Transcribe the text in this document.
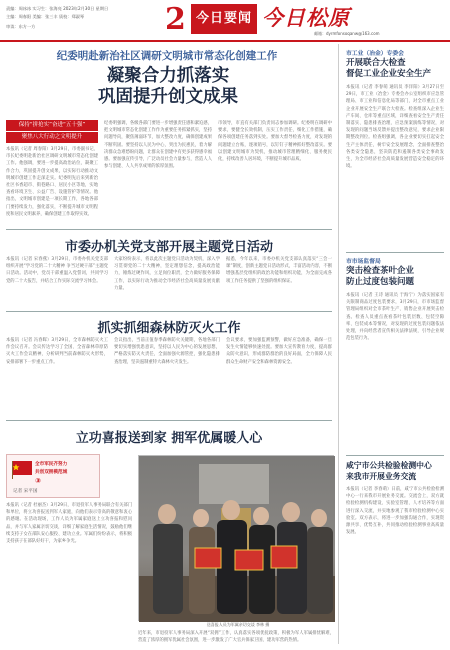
责编：周冰冰 实习生：张海亮 2023年2月30日 星期日
主编：周春阳 美编：张三丰 质校：郑淑琴
审读：东方一方	2 今日要闻 今日松原
邮箱：dyrmfonsoqanw@163.com
纪委明赴新治社区调研文明城市常态化创建工作
凝聚合力抓落实
巩固提升创文成果
保持“拼抢实”奋进“五十强”
聚焦八大行动之文明提升
本报讯（记者 周春阳）3月29日，市委副书记、市长纪委明赴新治社区调研文明城市常态化创建工作。他强调，要进一步提高政治站位，凝聚工作合力，巩固提升创文成果，以实际行动推动文明城市创建工作走深走实。纪委明先后来到新治社区书香超市、街巷路口、居民小区等地，实地查看环境卫生、公益广告、设施管护等情况。他指出，文明城市创建是一项长期工作，各地各部门要持续发力，强化落实，不断提升城市文明程度和居民文明素养，确保创建工作取得实效。
纪委明强调，各级各部门要进一步增强责任感和紧迫感，把文明城市常态化创建工作作为重要任务抓紧抓实，坚持问题导向，聚焦薄弱环节，加大整改力度，确保创建成果不断巩固。要坚持以人民为中心，突出为民惠民，着力解决群众急难愁盼问题，让群众在创建中有更多获得感幸福感。要加强宣传引导，广泛动员社会力量参与，营造人人参与创建、人人共享成果的浓厚氛围。
市领导，市直有关部门负责同志参加调研。纪委明在调研中要求，要健全长效机制，压实工作责任，细化工作措施，确保各项创建任务落到实处。要加大督导检查力度，对发现的问题建立台账，逐项销号，以钉钉子精神抓好整改落实。要以创建文明城市为契机，推动城市管理精细化、服务便民化，持续改善人居环境，不断提升城市品质。
市委办机关党支部开展主题党日活动
本报讯（记者 宋春燕）3月29日，市委办机关党支部组织开展“学习党的二十大精神 争当过硬干部”主题党日活动。活动中，党员干部重温入党誓词，共同学习党的二十大报告，并结合工作实际交流学习体会。
大家纷纷表示，将以此次主题党日活动为契机，深入学习贯彻党的二十大精神，坚定理想信念，提高政治能力，锤炼过硬作风，立足岗位职责，全力做好服务保障工作，以实际行动为推动全市经济社会高质量发展贡献力量。
据悉，今年以来，市委办机关党支部认真落实“三会一课”制度，创新主题党日活动形式，丰富活动内容，不断增强基层党组织的政治功能和组织功能，为全面完成各项工作任务提供了坚强的组织保证。
抓实抓细森林防灭火工作
本报讯（记者 冯春晖）3月29日，全市森林防灭火工作会议召开。会议传达学习了全国、全省森林草原防灭火工作会议精神，分析研判当前森林防灭火形势，安排部署下一步重点工作。
会议指出，当前正值春季森林防火关键期，各地各部门要切实增强忧患意识，坚持以人民为中心的发展思想，严格落实防灭火责任，全面加强火源管控，强化隐患排查治理，坚决遏制重特大森林火灾发生。
会议要求，要加强监测预警，做好应急准备，确保一旦发生火情能够快速处置。要加大宣传教育力度，提高群众防火意识，形成群防群治的良好局面，全力保障人民群众生命财产安全和森林资源安全。
立功喜报送到家 拥军优属暖人心
全市军民齐努力
共创双拥模范城
③
记者 宋平国
本报讯（记者 杜丽杰）3月29日，市退役军人事务局联合有关部门和单位，将立功喜报送到军人家庭，向他们表示崇高的敬意和衷心的感谢。在活动现场，工作人员为军属家庭送上立功喜报和慰问品，并与军人家属亲切交谈，详细了解家庭生活情况，鼓励他们继续支持子女在部队安心服役、建功立业。军属们纷纷表示，将积极支持孩子在部队好好干，为家乡争光。
送喜报人员为军属亲切交谈 李林 摄
近年来，市退役军人事务局深入开展“双拥”工作，认真落实各项优抚政策，积极为军人军属排忧解难，营造了浓厚的拥军优属社会氛围，进一步激发了广大官兵保家卫国、建功军营的热情。
市工业（冶金）专委会
开展联合大检查
督促工业企业安全生产
本报讯（记者 李春萌 通讯员 李洋阳）3月27日至29日，市工业（冶金）专委会办公室组织市应急管理局、市工业和信息化局等部门，对全市重点工业企业开展安全生产联合大检查。检查组深入企业生产车间、仓库等重点区域，详细查看安全生产责任制落实、隐患排查治理、应急预案演练等情况，对发现的问题当场反馈并提出整改意见，要求企业限期整改到位。检查组强调，各企业要切实扛起安全生产主体责任，树牢安全发展理念，全面排查整治各类安全隐患，坚决防范和遏制各类安全事故发生，为全市经济社会高质量发展营造安全稳定的环境。
市市场监督局
突击检查茶叶企业
防止过度包装问题
本报讯（记者 王诗 通讯员 于海宁）为落实国家有关限制商品过度包装要求，3月29日，市市场监督管理局组织对全市茶叶生产、销售企业开展突击检查。检查人员重点查看茶叶包装层数、包装空隙率、包装成本等情况，对发现的过度包装问题依法处理，并向经营者宣传相关法律法规，引导企业规范包装行为。
咸宁市公共检验检测中心
来我市开展业务交流
本报讯（记者 李春萌）日前，咸宁市公共检验检测中心一行来我市开展业务交流。交流会上，双方就检验检测机构建设、实验室管理、人才培养等方面进行深入交流，并实地参观了我市检验检测中心实验室。双方表示，将进一步加强沟通合作，实现资源共享、优势互补，共同推动检验检测事业高质量发展。
